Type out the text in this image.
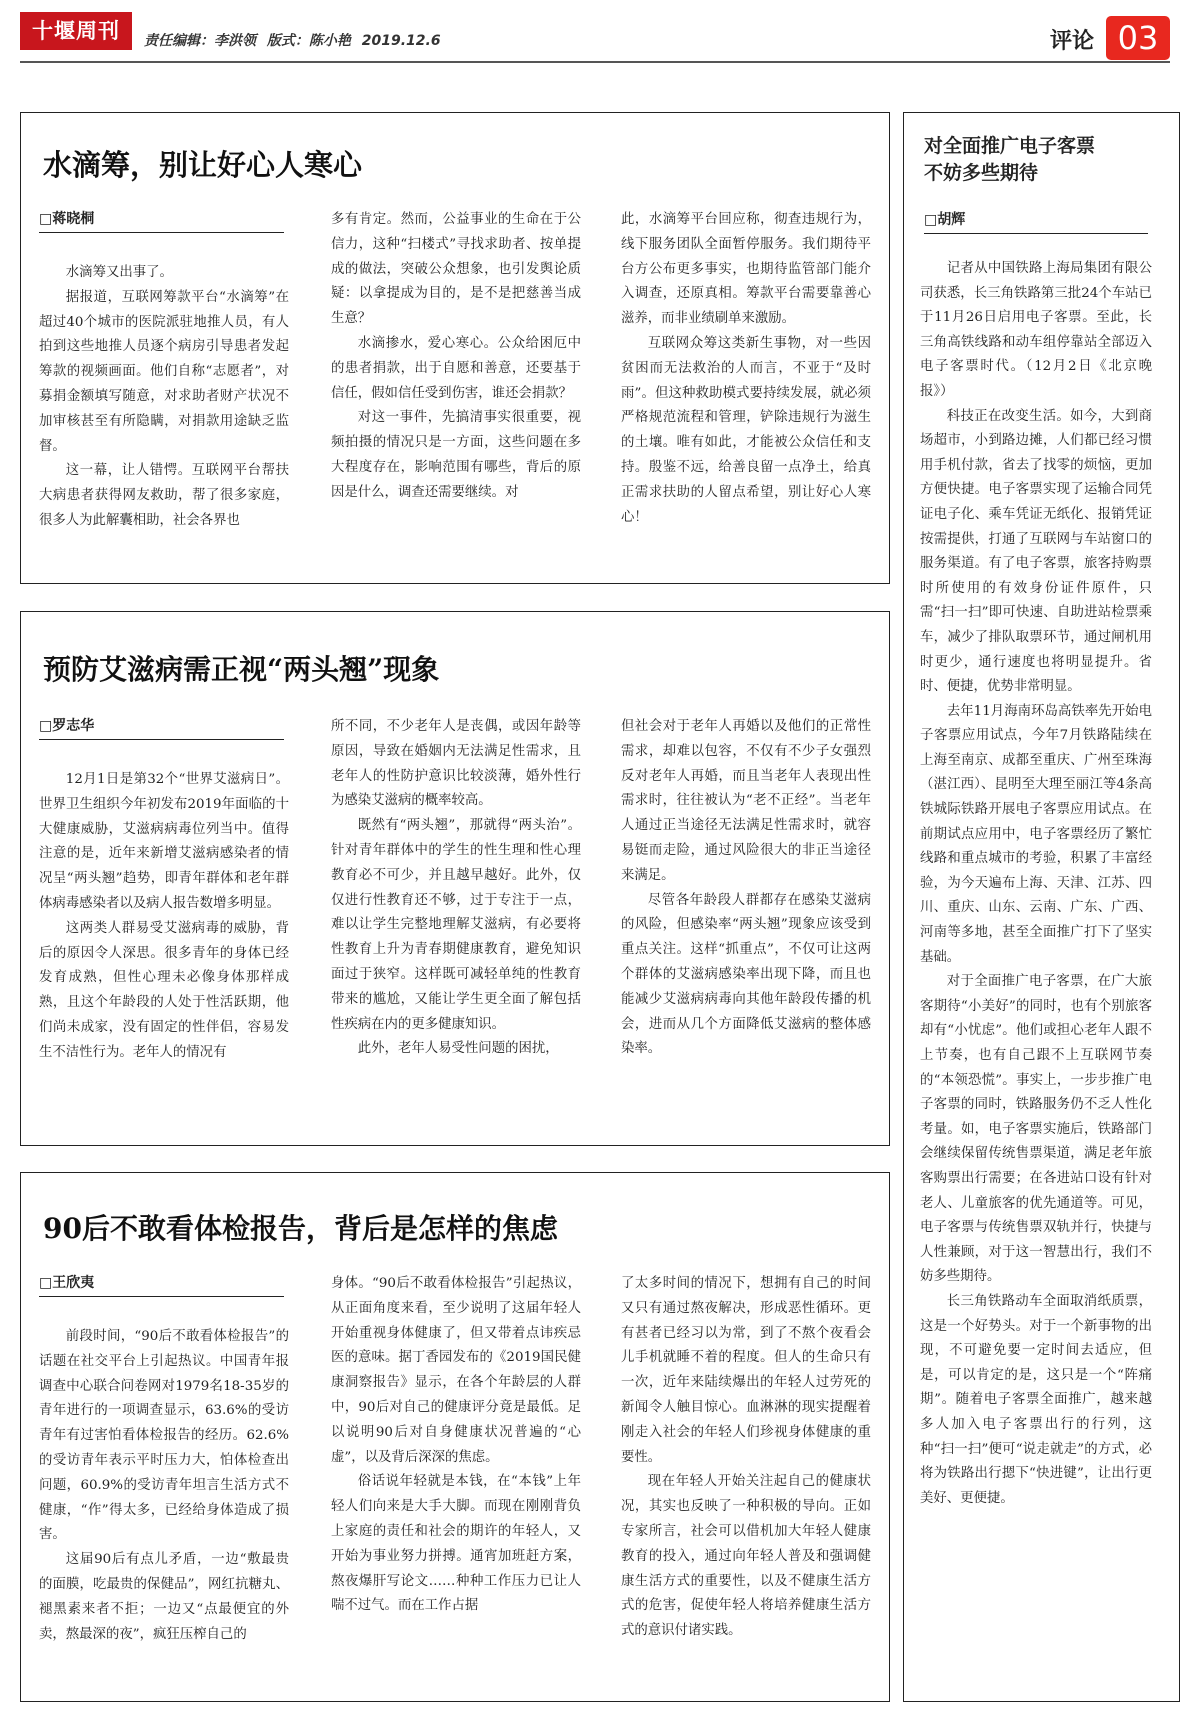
十堰周刊	责任编辑：李洪领 版式：陈小艳 2019.12.6	评论 03
水滴筹，别让好心人寒心
□蒋晓桐

水滴筹又出事了。

据报道，互联网筹款平台“水滴筹”在超过40个城市的医院派驻地推人员，有人拍到这些地推人员逐个病房引导患者发起筹款的视频画面。他们自称“志愿者”，对募捐金额填写随意，对求助者财产状况不加审核甚至有所隐瞒，对捐款用途缺乏监督。

这一幕，让人错愕。互联网平台帮扶大病患者获得网友救助，帮了很多家庭，很多人为此解囊相助，社会各界也

多有肯定。然而，公益事业的生命在于公信力，这种“扫楼式”寻找求助者、按单提成的做法，突破公众想象，也引发舆论质疑：以拿提成为目的，是不是把慈善当成生意？

水滴掺水，爱心寒心。公众给困厄中的患者捐款，出于自愿和善意，还要基于信任，假如信任受到伤害，谁还会捐款？

对这一事件，先搞清事实很重要，视频拍摄的情况只是一方面，这些问题在多大程度存在，影响范围有哪些，背后的原因是什么，调查还需要继续。对

此，水滴筹平台回应称，彻查违规行为，线下服务团队全面暂停服务。我们期待平台方公布更多事实，也期待监管部门能介入调查，还原真相。筹款平台需要靠善心滋养，而非业绩刷单来激励。

互联网众筹这类新生事物，对一些因贫困而无法救治的人而言，不亚于“及时雨”。但这种救助模式要持续发展，就必须严格规范流程和管理，铲除违规行为滋生的土壤。唯有如此，才能被公众信任和支持。殷鉴不远，给善良留一点净土，给真正需求扶助的人留点希望，别让好心人寒心！

预防艾滋病需正视“两头翘”现象
□罗志华

12月1日是第32个“世界艾滋病日”。世界卫生组织今年初发布2019年面临的十大健康威胁，艾滋病病毒位列当中。值得注意的是，近年来新增艾滋病感染者的情况呈“两头翘”趋势，即青年群体和老年群体病毒感染者以及病人报告数增多明显。

这两类人群易受艾滋病毒的威胁，背后的原因令人深思。很多青年的身体已经发育成熟，但性心理未必像身体那样成熟，且这个年龄段的人处于性活跃期，他们尚未成家，没有固定的性伴侣，容易发生不洁性行为。老年人的情况有

所不同，不少老年人是丧偶，或因年龄等原因，导致在婚姻内无法满足性需求，且老年人的性防护意识比较淡薄，婚外性行为感染艾滋病的概率较高。

既然有“两头翘”，那就得“两头治”。针对青年群体中的学生的性生理和性心理教育必不可少，并且越早越好。此外，仅仅进行性教育还不够，过于专注于一点，难以让学生完整地理解艾滋病，有必要将性教育上升为青春期健康教育，避免知识面过于狭窄。这样既可减轻单纯的性教育带来的尴尬，又能让学生更全面了解包括性疾病在内的更多健康知识。

此外，老年人易受性问题的困扰，

但社会对于老年人再婚以及他们的正常性需求，却难以包容，不仅有不少子女强烈反对老年人再婚，而且当老年人表现出性需求时，往往被认为“老不正经”。当老年人通过正当途径无法满足性需求时，就容易铤而走险，通过风险很大的非正当途径来满足。

尽管各年龄段人群都存在感染艾滋病的风险，但感染率“两头翘”现象应该受到重点关注。这样“抓重点”，不仅可让这两个群体的艾滋病感染率出现下降，而且也能减少艾滋病病毒向其他年龄段传播的机会，进而从几个方面降低艾滋病的整体感染率。

90后不敢看体检报告，背后是怎样的焦虑
□王欣夷

前段时间，“90后不敢看体检报告”的话题在社交平台上引起热议。中国青年报调查中心联合问卷网对1979名18-35岁的青年进行的一项调查显示，63.6%的受访青年有过害怕看体检报告的经历。62.6%的受访青年表示平时压力大，怕体检查出问题，60.9%的受访青年坦言生活方式不健康，“作”得太多，已经给身体造成了损害。

这届90后有点儿矛盾，一边“敷最贵的面膜，吃最贵的保健品”，网红抗糖丸、褪黑素来者不拒；一边又“点最便宜的外卖，熬最深的夜”，疯狂压榨自己的

身体。“90后不敢看体检报告”引起热议，从正面角度来看，至少说明了这届年轻人开始重视身体健康了，但又带着点讳疾忌医的意味。据丁香园发布的《2019国民健康洞察报告》显示，在各个年龄层的人群中，90后对自己的健康评分竟是最低。足以说明90后对自身健康状况普遍的“心虚”，以及背后深深的焦虑。

俗话说年轻就是本钱，在“本钱”上年轻人们向来是大手大脚。而现在刚刚背负上家庭的责任和社会的期许的年轻人，又开始为事业努力拼搏。通宵加班赶方案，熬夜爆肝写论文……种种工作压力已让人喘不过气。而在工作占据

了太多时间的情况下，想拥有自己的时间又只有通过熬夜解决，形成恶性循环。更有甚者已经习以为常，到了不熬个夜看会儿手机就睡不着的程度。但人的生命只有一次，近年来陆续爆出的年轻人过劳死的新闻令人触目惊心。血淋淋的现实提醒着刚走入社会的年轻人们珍视身体健康的重要性。

现在年轻人开始关注起自己的健康状况，其实也反映了一种积极的导向。正如专家所言，社会可以借机加大年轻人健康教育的投入，通过向年轻人普及和强调健康生活方式的重要性，以及不健康生活方式的危害，促使年轻人将培养健康生活方式的意识付诸实践。

对全面推广电子客票
不妨多些期待
□胡辉

记者从中国铁路上海局集团有限公司获悉，长三角铁路第三批24个车站已于11月26日启用电子客票。至此，长三角高铁线路和动车组停靠站全部迈入电子客票时代。（12月2日《北京晚报》）

科技正在改变生活。如今，大到商场超市，小到路边摊，人们都已经习惯用手机付款，省去了找零的烦恼，更加方便快捷。电子客票实现了运输合同凭证电子化、乘车凭证无纸化、报销凭证按需提供，打通了互联网与车站窗口的服务渠道。有了电子客票，旅客持购票时所使用的有效身份证件原件，只需“扫一扫”即可快速、自助进站检票乘车，减少了排队取票环节，通过闸机用时更少，通行速度也将明显提升。省时、便捷，优势非常明显。

去年11月海南环岛高铁率先开始电子客票应用试点，今年7月铁路陆续在上海至南京、成都至重庆、广州至珠海（湛江西）、昆明至大理至丽江等4条高铁城际铁路开展电子客票应用试点。在前期试点应用中，电子客票经历了繁忙线路和重点城市的考验，积累了丰富经验，为今天遍布上海、天津、江苏、四川、重庆、山东、云南、广东、广西、河南等多地，甚至全面推广打下了坚实基础。

对于全面推广电子客票，在广大旅客期待“小美好”的同时，也有个别旅客却有“小忧虑”。他们或担心老年人跟不上节奏，也有自己跟不上互联网节奏的“本领恐慌”。事实上，一步步推广电子客票的同时，铁路服务仍不乏人性化考量。如，电子客票实施后，铁路部门会继续保留传统售票渠道，满足老年旅客购票出行需要；在各进站口设有针对老人、儿童旅客的优先通道等。可见，电子客票与传统售票双轨并行，快捷与人性兼顾，对于这一智慧出行，我们不妨多些期待。

长三角铁路动车全面取消纸质票，这是一个好势头。对于一个新事物的出现，不可避免要一定时间去适应，但是，可以肯定的是，这只是一个“阵痛期”。随着电子客票全面推广，越来越多人加入电子客票出行的行列，这种“扫一扫”便可“说走就走”的方式，必将为铁路出行摁下“快进键”，让出行更美好、更便捷。
